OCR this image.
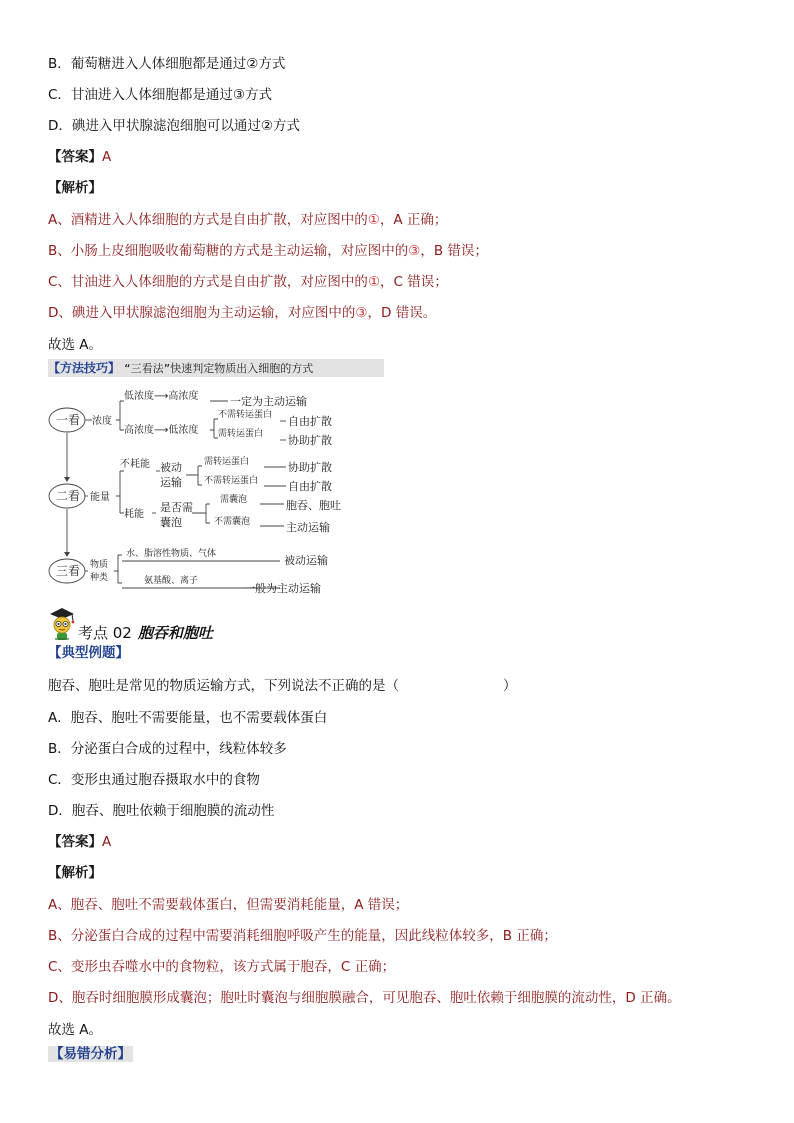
B．葡萄糖进入人体细胞都是通过②方式
C．甘油进入人体细胞都是通过③方式
D．碘进入甲状腺滤泡细胞可以通过②方式
【答案】A
【解析】
A、酒精进入人体细胞的方式是自由扩散，对应图中的①，A 正确；
B、小肠上皮细胞吸收葡萄糖的方式是主动运输，对应图中的③，B 错误；
C、甘油进入人体细胞的方式是自由扩散，对应图中的①，C 错误；
D、碘进入甲状腺滤泡细胞为主动运输，对应图中的③，D 错误。
故选 A。
【方法技巧】 “三看法”快速判定物质出入细胞的方式
一看
二看
三看
浓度
低浓度⟶高浓度	一定为主动运输
高浓度⟶低浓度
不需转运蛋白
需转运蛋白
自由扩散
协助扩散
能量
不耗能 被动
运输
需转运蛋白
不需转运蛋白
协助扩散
自由扩散
耗能
是否需
囊泡
需囊泡
不需囊泡
胞吞、胞吐
主动运输
物质
种类
水、脂溶性物质、气体	被动运输
氨基酸、离子
一般为主动运输
考点 02 胞吞和胞吐
【典型例题】
胞吞、胞吐是常见的物质运输方式，下列说法不正确的是（	）
A．胞吞、胞吐不需要能量，也不需要载体蛋白
B．分泌蛋白合成的过程中，线粒体较多
C．变形虫通过胞吞摄取水中的食物
D．胞吞、胞吐依赖于细胞膜的流动性
【答案】A
【解析】
A、胞吞、胞吐不需要载体蛋白，但需要消耗能量，A 错误；
B、分泌蛋白合成的过程中需要消耗细胞呼吸产生的能量，因此线粒体较多，B 正确；
C、变形虫吞噬水中的食物粒，该方式属于胞吞，C 正确；
D、胞吞时细胞膜形成囊泡；胞吐时囊泡与细胞膜融合，可见胞吞、胞吐依赖于细胞膜的流动性，D 正确。
故选 A。
【易错分析】
